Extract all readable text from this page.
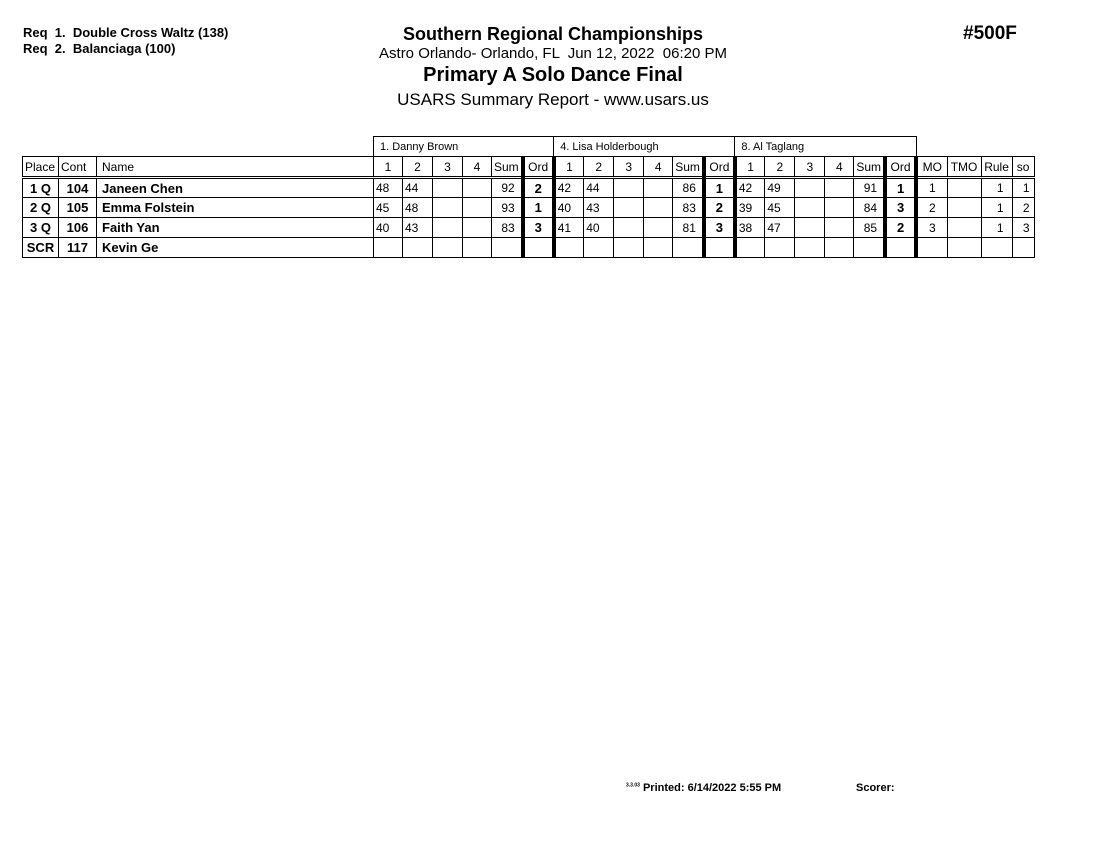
Req  1.  Double Cross Waltz (138)
Req  2.  Balanciaga (100)
Southern Regional Championships
Astro Orlando- Orlando, FL  Jun 12, 2022  06:20 PM
Primary A Solo Dance Final
USARS Summary Report - www.usars.us
#500F
			1. Danny Brown						4. Lisa Holderbough						8. Al Taglang									
Place	Cont	Name	1	2	3	4	Sum	Ord	1	2	3	4	Sum	Ord	1	2	3	4	Sum	Ord	MO	TMO	Rule	so
1 Q	104	Janeen Chen	48	44			92	2	42	44			86	1	42	49			91	1	1		1	1
2 Q	105	Emma Folstein	45	48			93	1	40	43			83	2	39	45			84	3	2		1	2
3 Q	106	Faith Yan	40	43			83	3	41	40			81	3	38	47			85	2	3		1	3
SCR	117	Kevin Ge																						
$^{3.3.03}$ Printed: 6/14/2022 5:55 PM	Scorer:
